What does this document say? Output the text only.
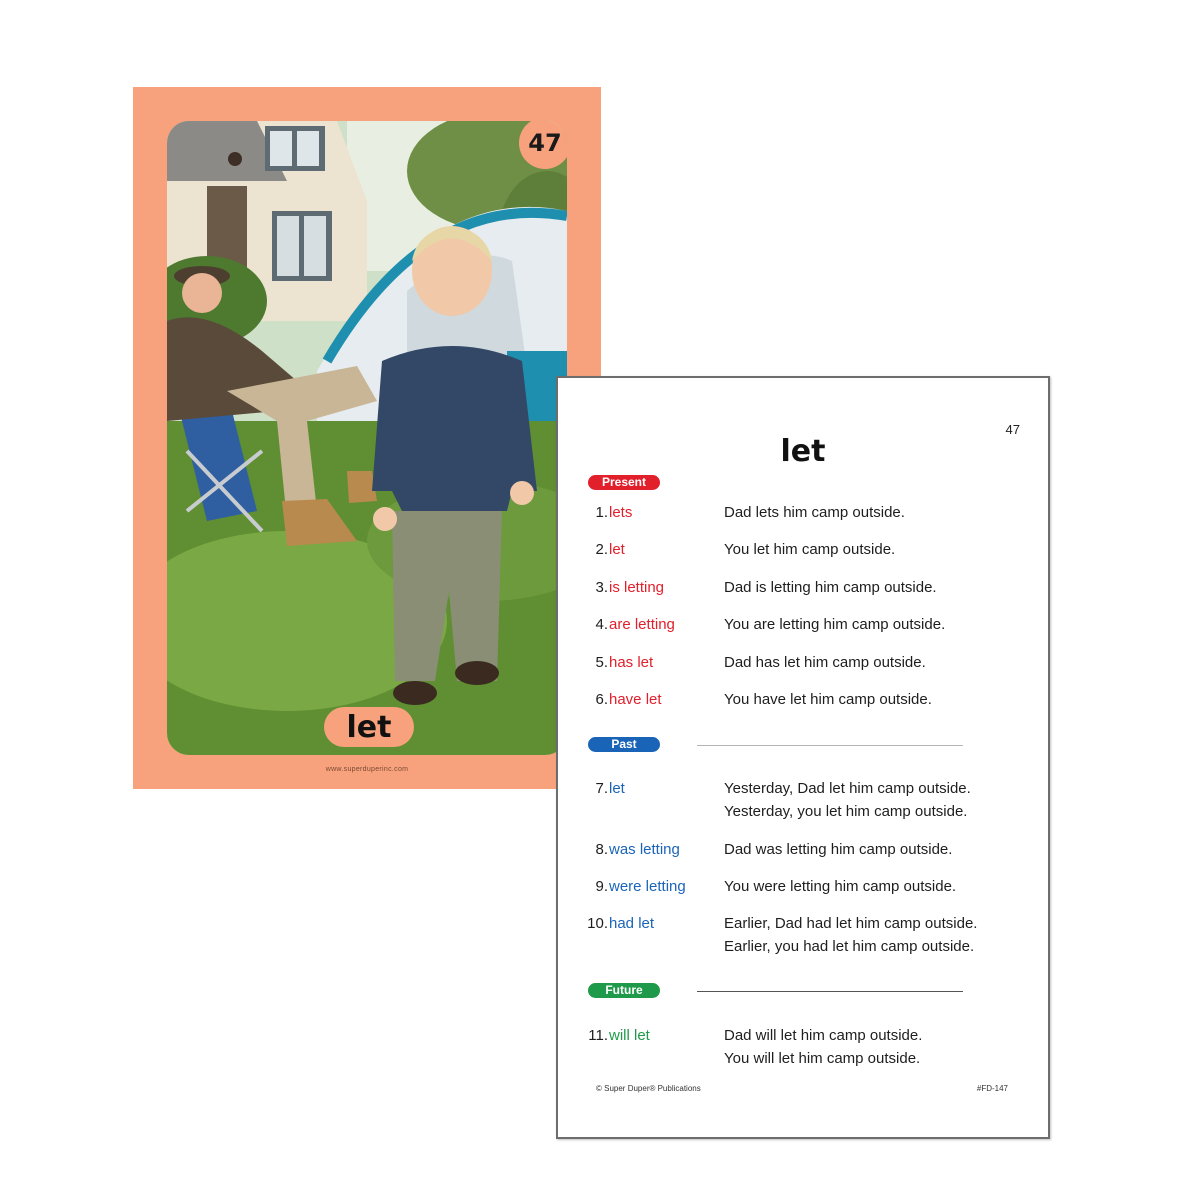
47
let
www.superduperinc.com
47
let
Present
1. lets	Dad lets him camp outside.
2. let	You let him camp outside.
3. is letting	Dad is letting him camp outside.
4. are letting	You are letting him camp outside.
5. has let	Dad has let him camp outside.
6. have let	You have let him camp outside.
Past
7. let	Yesterday, Dad let him camp outside.
Yesterday, you let him camp outside.
8. was letting	Dad was letting him camp outside.
9. were letting	You were letting him camp outside.
10. had let	Earlier, Dad had let him camp outside.
Earlier, you had let him camp outside.
Future
11. will let	Dad will let him camp outside.
You will let him camp outside.
© Super Duper® Publications	#FD-147
